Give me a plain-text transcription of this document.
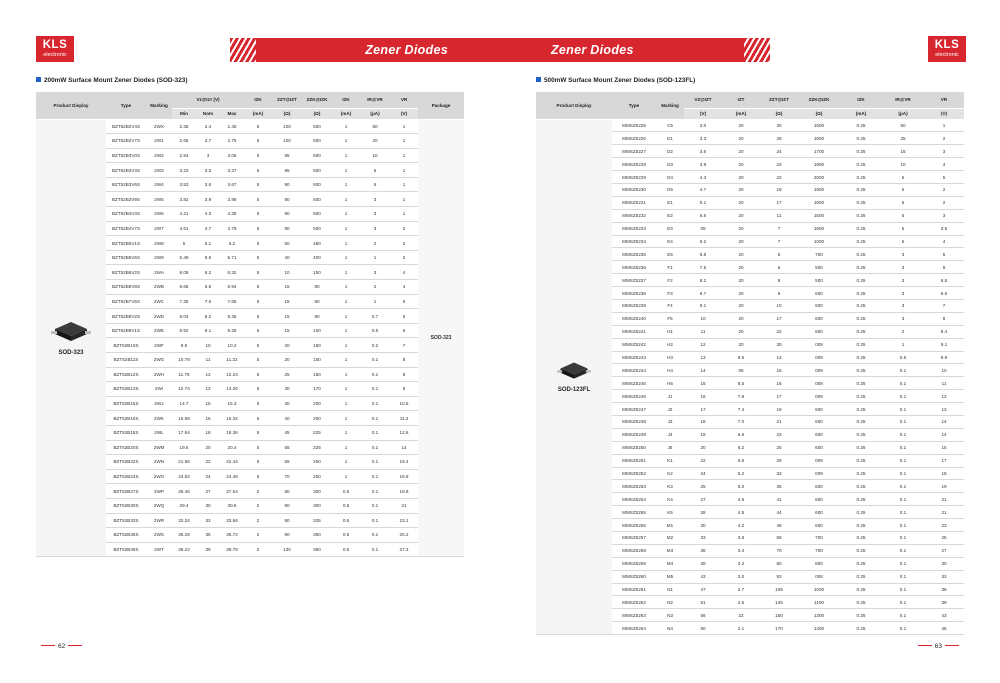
KLS
electronic	Zener Diodes
200mW Surface Mount Zener Diodes (SOD-323)
Product Display	Type	Marking	Vz@Izт (V)			IZK	ZZT@IZT	ZZK@IZK	IZK	IR@VR	VR	Package
			Min	Nom	Max	(mA)	(Ω)	(Ω)	(mA)	(μA)	(V)	

SOD-323	BZT52B2V4S	2WX	2.35	2.4	2.45	5	100	600	1	50	1	SOD-323
	BZT52B2V7S	2W1	2.65	2.7	2.75	5	100	600	1	20	1	
	BZT52B3V0S	2W2	2.94	3	3.06	5	95	600	1	10	1	
	BZT52B3V3S	2W3	3.23	3.3	3.37	5	95	600	1	5	1	
	BZT52B3V6S	2W4	3.53	3.6	3.67	5	90	600	1	5	1	
	BZT52B3V9S	2W5	3.82	3.9	3.98	5	90	600	1	3	1	
	BZT52B4V3S	2W6	4.21	4.3	4.39	5	90	600	1	3	1	
	BZT52B4V7S	2W7	4.61	4.7	4.79	5	80	500	1	3	2	
	BZT52B5V1S	2W8	5	5.1	5.2	5	60	480	1	2	2	
	BZT52B5V6S	2W9	5.49	5.6	5.71	5	40	400	1	1	2	
	BZT52B6V2S	2WA	6.08	6.2	6.32	5	10	150	1	3	4	
	BZT52B6V8S	2WB	6.66	6.8	6.94	5	15	80	1	2	4	
	BZT52B7V5S	2WC	7.35	7.5	7.65	5	15	80	1	1	5	
	BZT52B8V2S	2WD	8.04	8.2	8.36	5	15	80	1	0.7	5	
	BZT52B9V1S	2WE	8.92	9.1	9.28	5	15	100	1	0.5	6	
	BZT52B10S	2WF	9.8	10	10.2	5	20	150	1	0.2	7	
	BZT52B11S	2WG	10.78	11	11.22	5	20	150	1	0.1	8	
	BZT52B12S	2WH	11.76	12	12.24	5	25	150	1	0.1	8	
	BZT52B13S	2WI	12.74	13	13.26	5	30	170	1	0.1	8	
	BZT52B15S	2WJ	14.7	15	15.3	5	30	200	1	0.1	10.5	
	BZT52B16S	2WK	15.68	16	16.32	5	40	200	1	0.1	11.2	
	BZT52B18S	2WL	17.64	18	18.36	5	45	225	1	0.1	12.6	
	BZT52B20S	2WM	19.6	20	20.4	5	55	225	1	0.1	14	
	BZT52B22S	2WN	21.56	22	22.44	5	55	250	1	0.1	15.4	
	BZT52B24S	2WO	23.52	24	24.48	5	70	250	1	0.1	16.8	
	BZT52B27S	2WP	26.46	27	27.54	2	80	300	0.5	0.1	18.9	
	BZT52B30S	2WQ	29.4	30	30.6	2	80	300	0.5	0.1	21	
	BZT52B33S	2WR	32.34	33	33.66	2	80	325	0.5	0.1	23.1	
	BZT52B36S	2WS	35.28	36	36.72	2	90	350	0.5	0.1	25.2	
	BZT52B39S	2WT	38.22	39	39.78	2	130	350	0.5	0.1	27.3	
62
Zener Diodes	KLS
electronic
500mW Surface Mount Zener Diodes (SOD-123FL)
Product Display	Type	Marking	VZ@IZT	IZT	ZZT@IZT	ZZK@IZK	IZK	IR@VR	VR
			(V)	(mA)	(Ω)	(Ω)	(mA)	(μA)	(V)

SOD-123FL	MMSZ5225	C5	3.0	20	30	1600	0.25	50	1
	MMSZ5226	D1	3.3	20	28	1600	0.25	25	2
	MMSZ5227	D2	3.6	20	24	1700	0.25	15	3
	MMSZ5228	D3	3.9	20	23	1900	0.25	10	4
	MMSZ5229	D4	4.3	20	22	2000	0.25	5	5
	MMSZ5230	D5	4.7	20	19	1900	0.25	5	2
	MMSZ5231	E1	5.1	20	17	1600	0.25	5	2
	MMSZ5232	E2	5.6	20	11	1600	0.25	5	3
	MMSZ5233	E3	09	20	7	1600	0.25	5	3.5
	MMSZ5234	E4	6.2	20	7	1000	0.25	5	4
	MMSZ5235	E5	6.8	20	5	750	0.25	3	5
	MMSZ5236	F1	7.5	20	6	500	0.25	3	6
	MMSZ5237	F2	8.2	20	8	500	0.25	3	6.5
	MMSZ5238	F3	8.7	20	8	600	0.25	3	6.5
	MMSZ5239	F4	9.1	20	10	600	0.25	3	7
	MMSZ5240	F5	10	20	17	600	0.25	3	8
	MMSZ5241	H1	11	20	22	600	0.25	2	8.4
	MMSZ5242	H2	12	20	30	009	0.25	1	9.1
	MMSZ5243	H3	13	9.5	13	009	0.25	0.5	9.9
	MMSZ5244	H4	14	06	15	009	0.25	0.1	10
	MMSZ5245	H5	15	8.5	16	009	0.25	0.1	11
	MMSZ5246	J1	16	7.8	17	009	0.25	0.1	12
	MMSZ5247	J2	17	7.4	19	600	0.25	0.1	13
	MMSZ5248	J3	18	7.0	21	600	0.25	0.1	14
	MMSZ5249	J4	19	6.6	23	600	0.25	0.1	14
	MMSZ5250	J5	20	6.2	25	600	0.25	0.1	15
	MMSZ5251	K1	22	5.6	29	009	0.25	0.1	17
	MMSZ5252	K2	24	5.2	33	009	0.25	0.1	18
	MMSZ5253	K3	25	5.0	35	600	0.25	0.1	19
	MMSZ5254	K4	27	4.6	41	600	0.25	0.1	21
	MMSZ5255	K5	28	4.5	44	600	0.25	0.1	21
	MMSZ5256	M1	30	4.2	49	600	0.25	0.1	23
	MMSZ5257	M2	33	3.8	58	700	0.25	0.1	25
	MMSZ5258	M3	36	3.4	70	700	0.25	0.1	27
	MMSZ5259	M4	39	3.2	80	800	0.25	0.1	30
	MMSZ5260	M5	43	3.0	93	006	0.25	0.1	33
	MMSZ5261	N1	47	2.7	105	1000	0.25	0.1	36
	MMSZ5262	N2	51	2.5	125	1100	0.25	0.1	39
	MMSZ5263	N3	56	22	150	1300	0.25	0.1	43
	MMSZ5264	N4	60	2.1	170	1400	0.25	0.1	46
63
